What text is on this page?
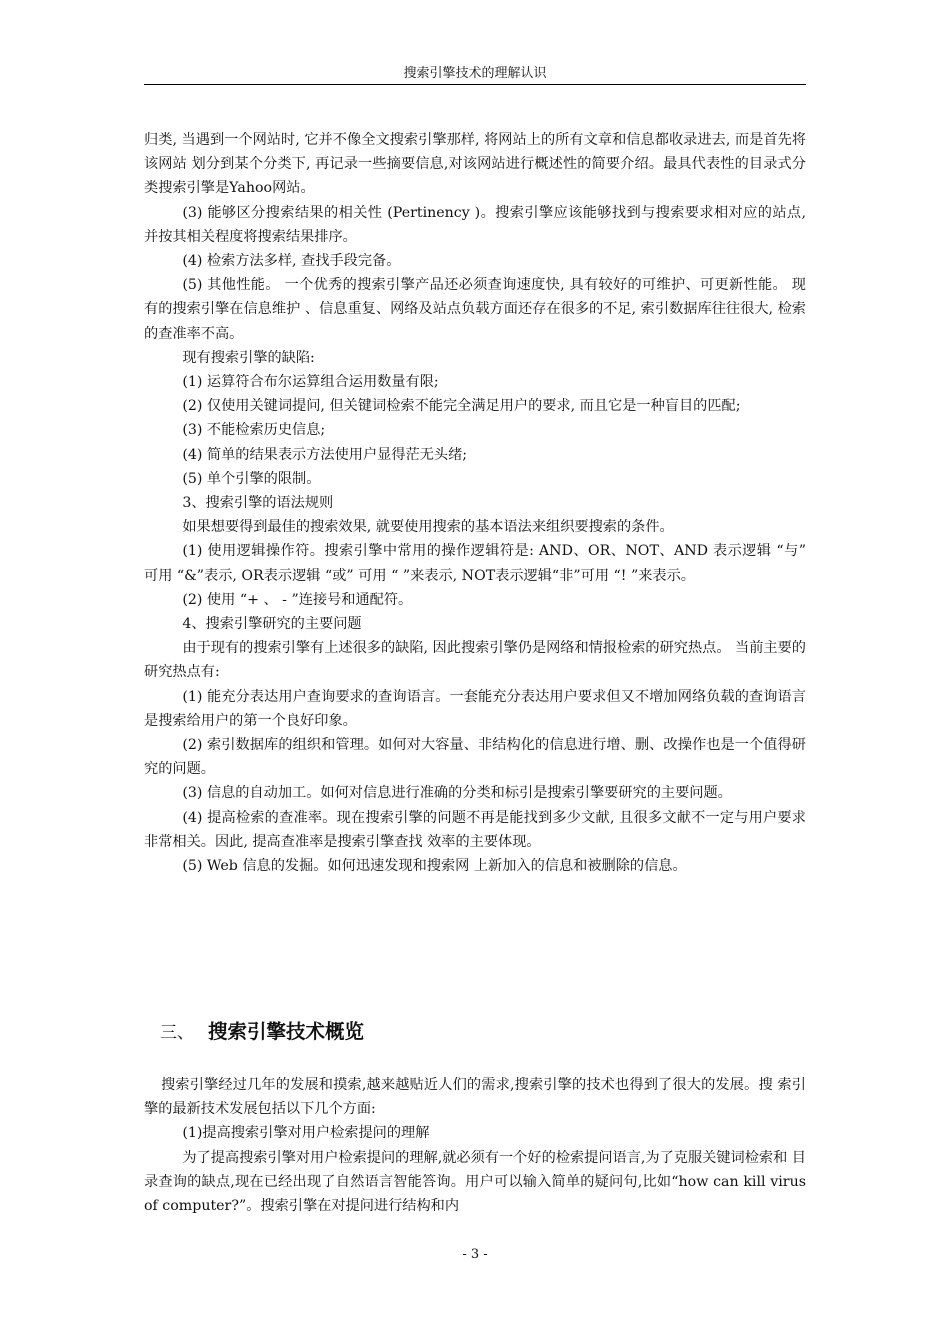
搜索引擎技术的理解认识

归类, 当遇到一个网站时, 它并不像全文搜索引擎那样, 将网站上的所有文章和信息都收录进去, 而是首先将该网站 划分到某个分类下, 再记录一些摘要信息,对该网站进行概述性的简要介绍。最具代表性的目录式分类搜索引擎是Yahoo网站。

(3) 能够区分搜索结果的相关性 (Pertinency )。搜索引擎应该能够找到与搜索要求相对应的站点, 并按其相关程度将搜索结果排序。

(4) 检索方法多样, 查找手段完备。

(5) 其他性能。 一个优秀的搜索引擎产品还必须查询速度快, 具有较好的可维护、可更新性能。 现有的搜索引擎在信息维护 、信息重复、网络及站点负载方面还存在很多的不足, 索引数据库往往很大, 检索的查准率不高。

现有搜索引擎的缺陷:

(1) 运算符合布尔运算组合运用数量有限;

(2) 仅使用关键词提问, 但关键词检索不能完全满足用户的要求, 而且它是一种盲目的匹配;

(3) 不能检索历史信息;

(4) 简单的结果表示方法使用户显得茫无头绪;

(5) 单个引擎的限制。

3、搜索引擎的语法规则

如果想要得到最佳的搜索效果, 就要使用搜索的基本语法来组织要搜索的条件。

(1) 使用逻辑操作符。搜索引擎中常用的操作逻辑符是: AND、OR、NOT、AND 表示逻辑 “与” 可用 “&”表示, OR表示逻辑 “或” 可用 “ ”来表示, NOT表示逻辑“非”可用 “! ”来表示。

(2) 使用 “+ 、 - ”连接号和通配符。

4、搜索引擎研究的主要问题

由于现有的搜索引擎有上述很多的缺陷, 因此搜索引擎仍是网络和情报检索的研究热点。 当前主要的研究热点有:

(1) 能充分表达用户查询要求的查询语言。一套能充分表达用户要求但又不增加网络负载的查询语言是搜索给用户的第一个良好印象。

(2) 索引数据库的组织和管理。如何对大容量、非结构化的信息进行增、删、改操作也是一个值得研究的问题。

(3) 信息的自动加工。如何对信息进行准确的分类和标引是搜索引擎要研究的主要问题。

(4) 提高检索的查准率。现在搜索引擎的问题不再是能找到多少文献, 且很多文献不一定与用户要求非常相关。因此, 提高查准率是搜索引擎查找 效率的主要体现。

(5) Web 信息的发掘。如何迅速发现和搜索网 上新加入的信息和被删除的信息。

三、 搜索引擎技术概览

搜索引擎经过几年的发展和摸索,越来越贴近人们的需求,搜索引擎的技术也得到了很大的发展。搜 索引擎的最新技术发展包括以下几个方面:

(1)提高搜索引擎对用户检索提问的理解

为了提高搜索引擎对用户检索提问的理解,就必须有一个好的检索提问语言,为了克服关键词检索和 目录查询的缺点,现在已经出现了自然语言智能答询。用户可以输入简单的疑问句,比如“how can kill virus of computer?”。搜索引擎在对提问进行结构和内

- 3 -
